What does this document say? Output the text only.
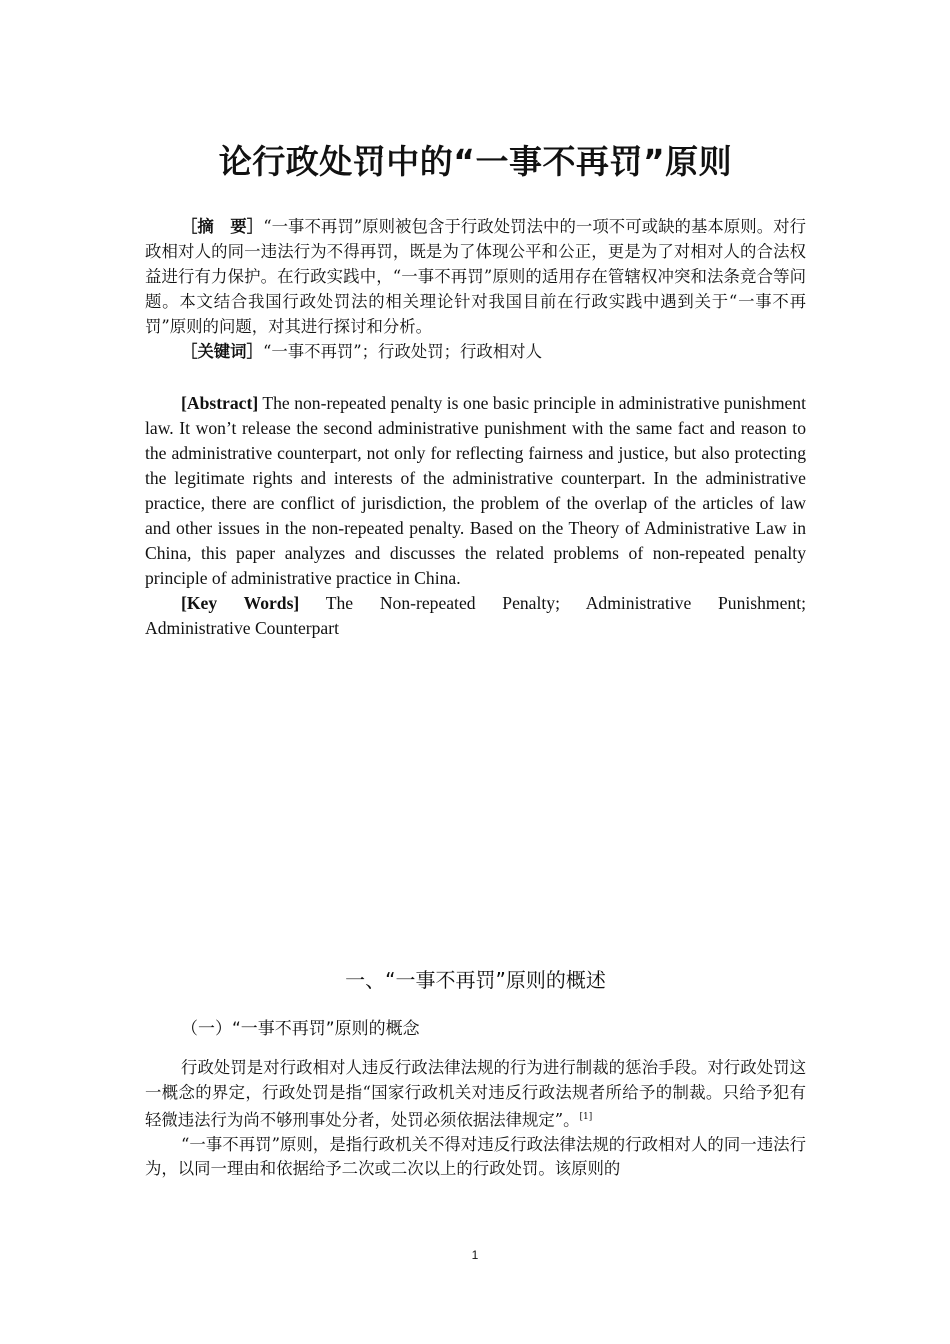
论行政处罚中的“一事不再罚”原则

［摘　要］“一事不再罚”原则被包含于行政处罚法中的一项不可或缺的基本原则。对行政相对人的同一违法行为不得再罚，既是为了体现公平和公正，更是为了对相对人的合法权益进行有力保护。在行政实践中，“一事不再罚”原则的适用存在管辖权冲突和法条竞合等问题。本文结合我国行政处罚法的相关理论针对我国目前在行政实践中遇到关于“一事不再罚”原则的问题，对其进行探讨和分析。

［关键词］“一事不再罚”；行政处罚；行政相对人

[Abstract] The non-repeated penalty is one basic principle in administrative punishment law. It won’t release the second administrative punishment with the same fact and reason to the administrative counterpart, not only for reflecting fairness and justice, but also protecting the legitimate rights and interests of the administrative counterpart. In the administrative practice, there are conflict of jurisdiction, the problem of the overlap of the articles of law and other issues in the non-repeated penalty. Based on the Theory of Administrative Law in China, this paper analyzes and discusses the related problems of non-repeated penalty principle of administrative practice in China.

[Key Words] The Non-repeated Penalty; Administrative Punishment;

Administrative Counterpart
一、“一事不再罚”原则的概述
（一）“一事不再罚”原则的概念

行政处罚是对行政相对人违反行政法律法规的行为进行制裁的惩治手段。对行政处罚这一概念的界定，行政处罚是指“国家行政机关对违反行政法规者所给予的制裁。只给予犯有轻微违法行为尚不够刑事处分者，处罚必须依据法律规定”。[1]

“一事不再罚”原则，是指行政机关不得对违反行政法律法规的行政相对人的同一违法行为，以同一理由和依据给予二次或二次以上的行政处罚。该原则的

1
